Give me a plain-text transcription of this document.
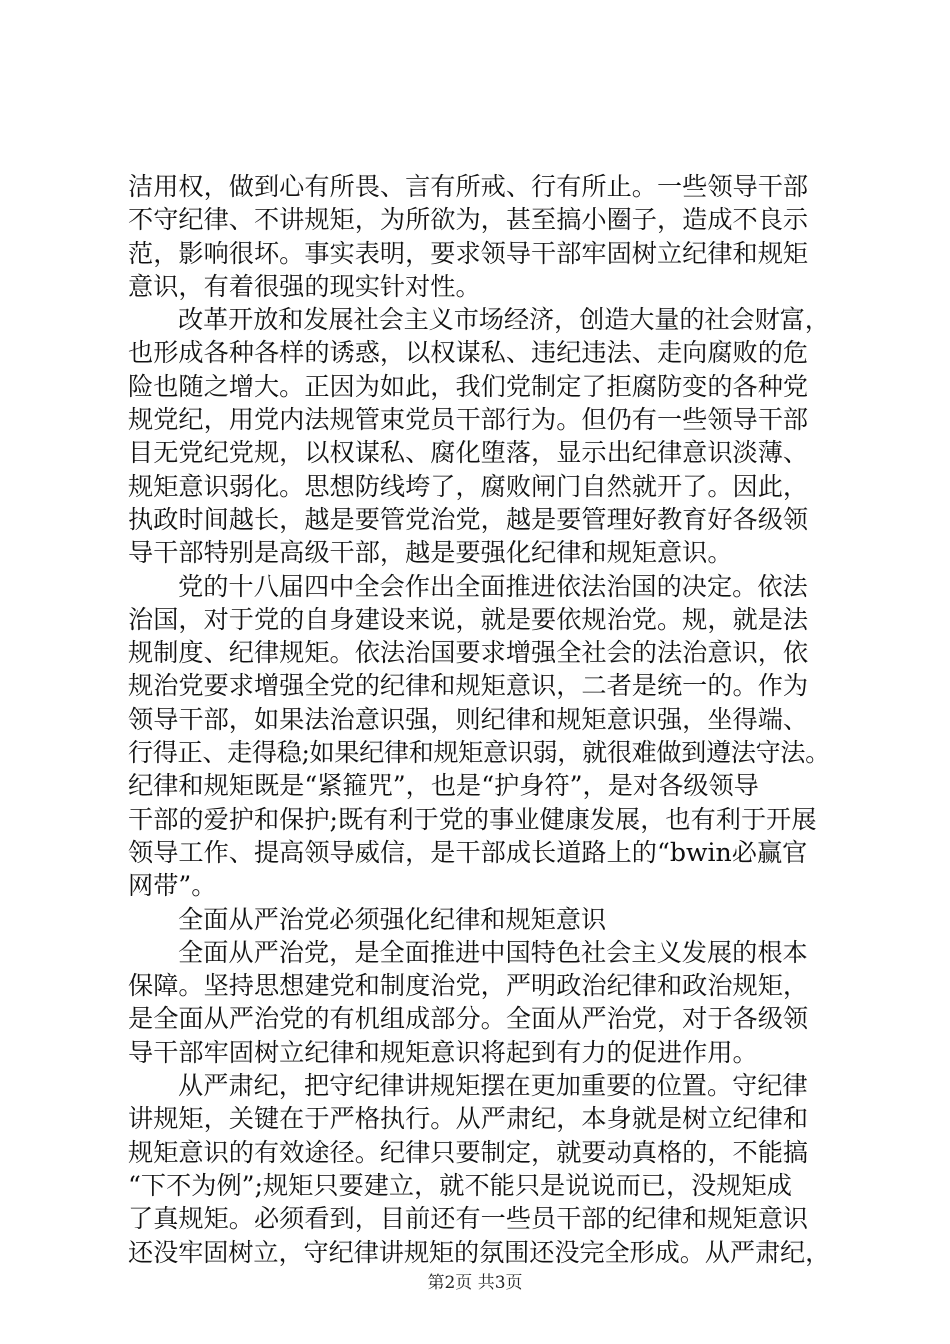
洁用权，做到心有所畏、言有所戒、行有所止。一些领导干部
不守纪律、不讲规矩，为所欲为，甚至搞小圈子，造成不良示
范，影响很坏。事实表明，要求领导干部牢固树立纪律和规矩
意识，有着很强的现实针对性。
改革开放和发展社会主义市场经济，创造大量的社会财富，
也形成各种各样的诱惑，以权谋私、违纪违法、走向腐败的危
险也随之增大。正因为如此，我们党制定了拒腐防变的各种党
规党纪，用党内法规管束党员干部行为。但仍有一些领导干部
目无党纪党规，以权谋私、腐化堕落，显示出纪律意识淡薄、
规矩意识弱化。思想防线垮了，腐败闸门自然就开了。因此，
执政时间越长，越是要管党治党，越是要管理好教育好各级领
导干部特别是高级干部，越是要强化纪律和规矩意识。
党的十八届四中全会作出全面推进依法治国的决定。依法
治国，对于党的自身建设来说，就是要依规治党。规，就是法
规制度、纪律规矩。依法治国要求增强全社会的法治意识，依
规治党要求增强全党的纪律和规矩意识，二者是统一的。作为
领导干部，如果法治意识强，则纪律和规矩意识强，坐得端、
行得正、走得稳;如果纪律和规矩意识弱，就很难做到遵法守法。
纪律和规矩既是“紧箍咒”，也是“护身符”，是对各级领导
干部的爱护和保护;既有利于党的事业健康发展，也有利于开展
领导工作、提高领导威信，是干部成长道路上的“bwin必赢官
网带”。
全面从严治党必须强化纪律和规矩意识
全面从严治党，是全面推进中国特色社会主义发展的根本
保障。坚持思想建党和制度治党，严明政治纪律和政治规矩，
是全面从严治党的有机组成部分。全面从严治党，对于各级领
导干部牢固树立纪律和规矩意识将起到有力的促进作用。
从严肃纪，把守纪律讲规矩摆在更加重要的位置。守纪律
讲规矩，关键在于严格执行。从严肃纪，本身就是树立纪律和
规矩意识的有效途径。纪律只要制定，就要动真格的，不能搞
“下不为例”;规矩只要建立，就不能只是说说而已，没规矩成
了真规矩。必须看到，目前还有一些员干部的纪律和规矩意识
还没牢固树立，守纪律讲规矩的氛围还没完全形成。从严肃纪，
第2页 共3页
